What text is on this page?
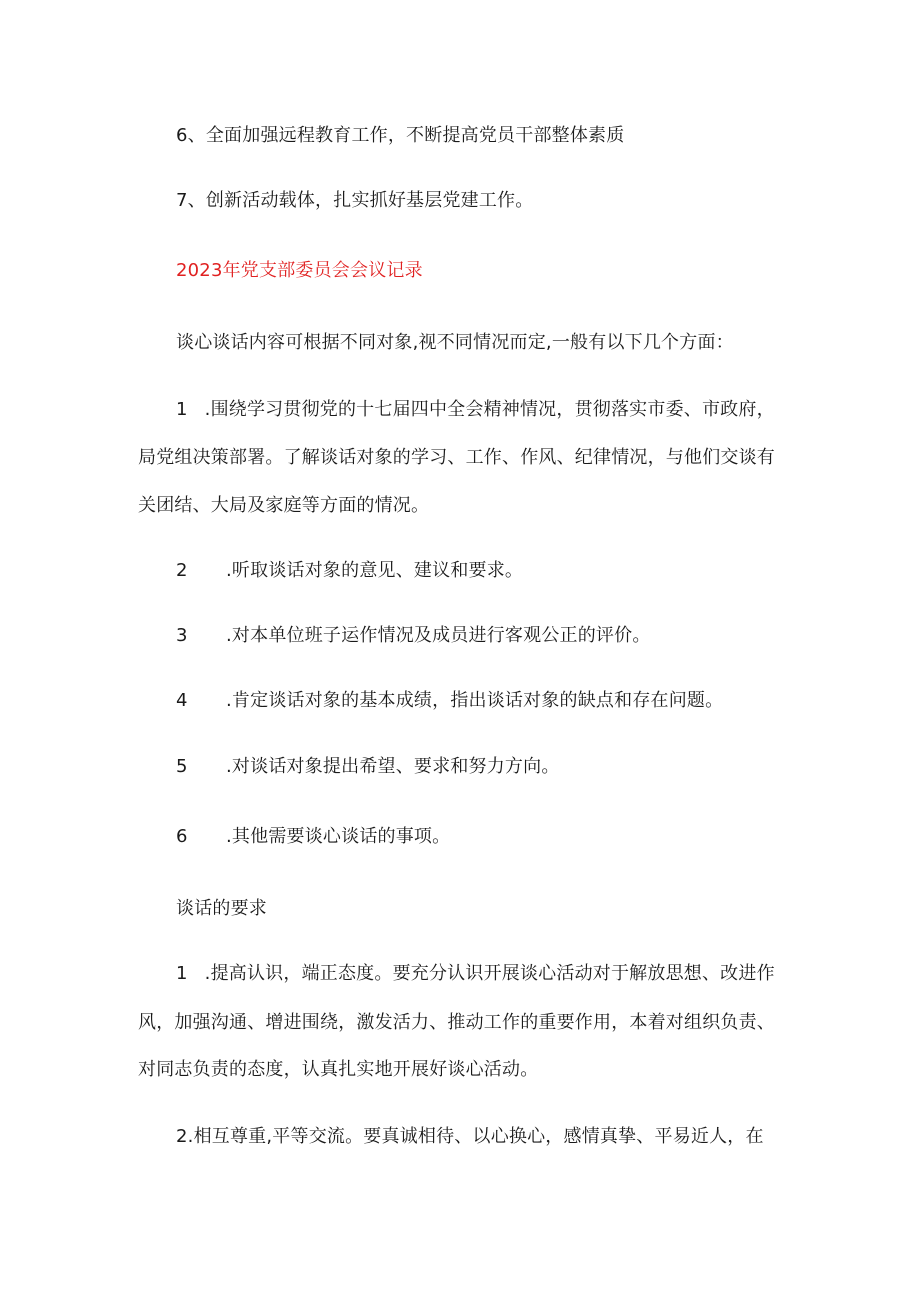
6、全面加强远程教育工作，不断提高党员干部整体素质
7、创新活动载体，扎实抓好基层党建工作。
2023年党支部委员会会议记录
谈心谈话内容可根据不同对象,视不同情况而定,一般有以下几个方面：
1 .围绕学习贯彻党的十七届四中全会精神情况，贯彻落实市委、市政府，
局党组决策部署。了解谈话对象的学习、工作、作风、纪律情况，与他们交谈有
关团结、大局及家庭等方面的情况。
2 .听取谈话对象的意见、建议和要求。
3 .对本单位班子运作情况及成员进行客观公正的评价。
4 .肯定谈话对象的基本成绩，指出谈话对象的缺点和存在问题。
5 .对谈话对象提出希望、要求和努力方向。
6 .其他需要谈心谈话的事项。
谈话的要求
1 .提高认识，端正态度。要充分认识开展谈心活动对于解放思想、改进作
风，加强沟通、增进围绕，激发活力、推动工作的重要作用，本着对组织负责、
对同志负责的态度，认真扎实地开展好谈心活动。
2.相互尊重,平等交流。要真诚相待、以心换心，感情真挚、平易近人，在
